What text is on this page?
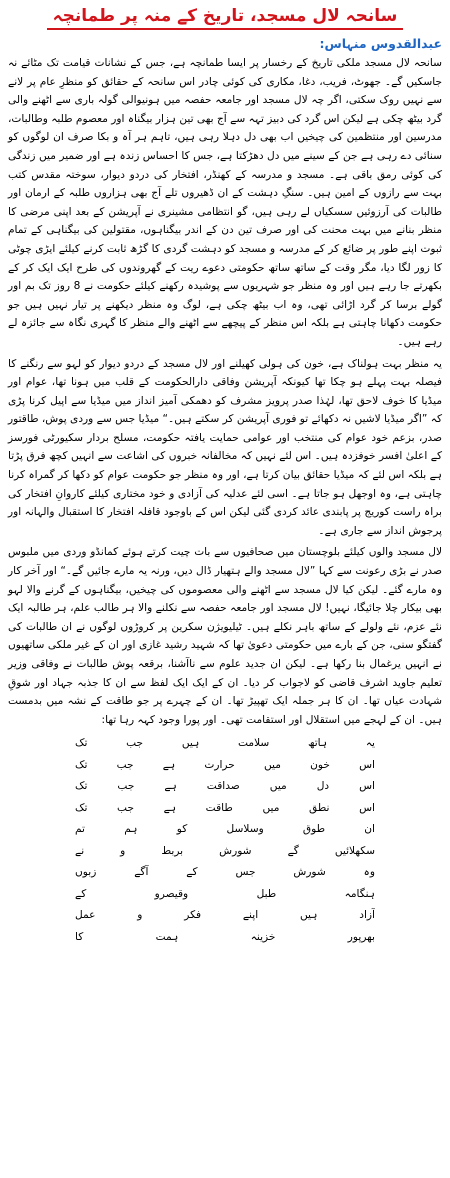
سانحہ لال مسجد، تاریخ کے منہ پر طمانچہ
عبدالقدوس منہاس:

سانحہ لال مسجد ملکی تاریخ کے رخسار پر ایسا طمانچہ ہے، جس کے نشانات قیامت تک مٹائے نہ جاسکیں گے۔ جھوٹ، فریب، دغا، مکاری کی کوئی چادر اس سانحہ کے حقائق کو منظرِ عام پر لانے سے نہیں روک سکتی، اگر چہ لال مسجد اور جامعہ حفصہ میں ہونیوالی گولہ باری سے اٹھنے والی گرد بیٹھ چکی ہے لیکن اس گرد کی دبیز تہہ سے آج بھی تین ہزار بیگناہ اور معصوم طلبہ وطالبات، مدرسین اور منتظمین کی چیخیں اب بھی دل دہلا رہی ہیں، تاہم ہر آہ و بکا صرف ان لوگوں کو سنائی دے رہی ہے جن کے سینے میں دل دھڑکتا ہے، جس کا احساس زندہ ہے اور ضمیر میں زندگی کی کوئی رمق باقی ہے۔ مسجد و مدرسہ کے کھنڈر، افتخار کی دردو دیوار، سوختہ مقدس کتب بہت سے رازوں کے امین ہیں۔ سنگِ دہشت کے ان ڈھیروں تلے آج بھی ہزاروں طلبہ کے ارمان اور طالبات کی آرزوئیں سسکیاں لے رہی ہیں، گو انتظامی مشینری نے آپریشن کے بعد اپنی مرضی کا منظر بنانے میں بہت محنت کی اور صرف تین دن کے اندر بیگناہوں، مقتولین کی بیگناہی کے تمام ثبوت اپنے طور پر ضائع کر کے مدرسہ و مسجد کو دہشت گردی کا گڑھ ثابت کرنے کیلئے ایڑی چوٹی کا زور لگا دیا، مگر وقت کے ساتھ ساتھ حکومتی دعوے ریت کے گھروندوں کی طرح ایک ایک کر کے بکھرتے جا رہے ہیں اور وہ منظر جو شہریوں سے پوشیدہ رکھنے کیلئے حکومت نے 8 روز تک بم اور گولے برسا کر گرد اڑائی تھی، وہ اب بیٹھ چکی ہے، لوگ وہ منظر دیکھنے پر تیار نہیں ہیں جو حکومت دکھانا چاہتی ہے بلکہ اس منظر کے پیچھے سے اٹھنے والے منظر کا گہری نگاہ سے جائزہ لے رہے ہیں۔

یہ منظر بہت ہولناک ہے، خون کی ہولی کھیلنے اور لال مسجد کے دردو دیوار کو لہو سے رنگنے کا فیصلہ بہت پہلے ہو چکا تھا کیونکہ آپریشن وفاقی دارالحکومت کے قلب میں ہونا تھا، عوام اور میڈیا کا خوف لاحق تھا، لہٰذا صدر پرویز مشرف کو دھمکی آمیز انداز میں میڈیا سے اپیل کرنا پڑی کہ ”اگر میڈیا لاشیں نہ دکھائے تو فوری آپریشن کر سکتے ہیں۔“ میڈیا جس سے وردی پوش، طاقتور صدر، بزعم خود عوام کی منتخب اور عوامی حمایت یافتہ حکومت، مسلح بردار سکیورٹی فورسز کے اعلیٰ افسر خوفزدہ ہیں۔ اس لئے نہیں کہ مخالفانہ خبروں کی اشاعت سے انہیں کچھ فرق پڑتا ہے بلکہ اس لئے کہ میڈیا حقائق بیان کرتا ہے، اور وہ منظر جو حکومت عوام کو دکھا کر گمراہ کرنا چاہتی ہے، وہ اوجھل ہو جاتا ہے۔ اسی لئے عدلیہ کی آزادی و خود مختاری کیلئے کاروانِ افتخار کی براہ راست کوریج پر پابندی عائد کردی گئی لیکن اس کے باوجود قافلہ افتخار کا استقبال والہانہ اور پرجوش انداز سے جاری ہے۔

لال مسجد والوں کیلئے بلوچستان میں صحافیوں سے بات چیت کرتے ہوئے کمانڈو وردی میں ملبوس صدر نے بڑی رعونت سے کہا ”لال مسجد والے ہتھیار ڈال دیں، ورنہ یہ مارے جائیں گے۔“ اور آخر کار وہ مارے گئے۔ لیکن کیا لال مسجد سے اٹھنے والی معصوموں کی چیخیں، بیگناہوں کے گرنے والا لہو بھی بیکار چلا جائیگا، نہیں! لال مسجد اور جامعہ حفصہ سے نکلنے والا ہر طالب علم، ہر طالبہ ایک نئے عزم، نئے ولولے کے ساتھ باہر نکلے ہیں۔ ٹیلیویژن سکرین پر کروڑوں لوگوں نے ان طالبات کی گفتگو سنی، جن کے بارے میں حکومتی دعویٰ تھا کہ شہید رشید غازی اور ان کے غیر ملکی ساتھیوں نے انہیں یرغمال بنا رکھا ہے۔ لیکن ان جدید علوم سے ناآشنا، برقعہ پوش طالبات نے وفاقی وزیر تعلیم جاوید اشرف قاضی کو لاجواب کر دیا۔ ان کے ایک ایک لفظ سے ان کا جذبہ جہاد اور شوقِ شہادت عیاں تھا۔ ان کا ہر جملہ ایک تھپیڑ تھا۔ ان کے چہرے پر جو طاقت کے نشہ میں بدمست ہیں۔ ان کے لہجے میں استقلال اور استقامت تھی۔ اور پورا وجود کہہ رہا تھا:

یہ ہاتھ سلامت ہیں جب تک
اس خون میں حرارت ہے جب تک
اس دل میں صداقت ہے جب تک
اس نطق میں طاقت ہے جب تک
ان طوق وسلاسل کو ہم تم
سکھلائیں گے شورش بربط و نے
وہ شورش جس کے آگے زبوں
ہنگامہ طبل وقیصرو کے
آزاد ہیں اپنے فکر و عمل
بھرپور خزینہ ہمت کا
